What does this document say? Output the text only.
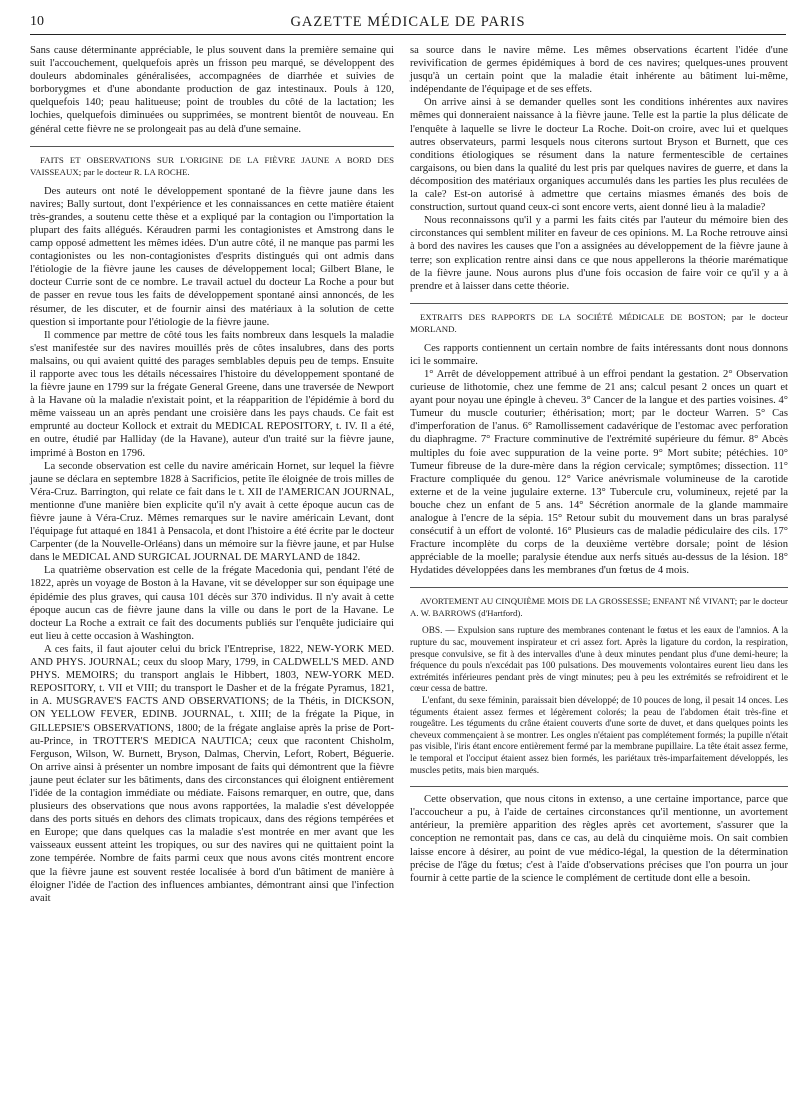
10	GAZETTE MÉDICALE DE PARIS

Sans cause déterminante appréciable, le plus souvent dans la première semaine qui suit l'accouchement, quelquefois après un frisson peu marqué, se développent des douleurs abdominales généralisées, accompagnées de diarrhée et suivies de borborygmes et d'une abondante production de gaz intestinaux. Pouls à 120, quelquefois 140; peau halitueuse; point de troubles du côté de la lactation; les lochies, quelquefois diminuées ou supprimées, se montrent bientôt de nouveau. En général cette fièvre ne se prolongeait pas au delà d'une semaine.

FAITS ET OBSERVATIONS SUR L'ORIGINE DE LA FIÈVRE JAUNE A BORD DES VAISSEAUX; par le docteur R. LA ROCHE.

Des auteurs ont noté le développement spontané de la fièvre jaune dans les navires; Bally surtout, dont l'expérience et les connaissances en cette matière étaient très-grandes, a soutenu cette thèse et a expliqué par la contagion ou l'importation la plupart des faits allégués. Kéraudren parmi les contagionistes et Amstrong dans le camp opposé admettent les mêmes idées. D'un autre côté, il ne manque pas parmi les contagionistes ou les non-contagionistes d'esprits distingués qui ont admis dans l'étiologie de la fièvre jaune les causes de développement local; Gilbert Blane, le docteur Currie sont de ce nombre. Le travail actuel du docteur La Roche a pour but de passer en revue tous les faits de développement spontané ainsi annoncés, de les résumer, de les discuter, et de fournir ainsi des matériaux à la solution de cette question si importante pour l'étiologie de la fièvre jaune.

Il commence par mettre de côté tous les faits nombreux dans lesquels la maladie s'est manifestée sur des navires mouillés près de côtes insalubres, dans des ports malsains, ou qui avaient quitté des parages semblables depuis peu de temps. Ensuite il rapporte avec tous les détails nécessaires l'histoire du développement spontané de la fièvre jaune en 1799 sur la frégate General Greene, dans une traversée de Newport à la Havane où la maladie n'existait point, et la réapparition de l'épidémie à bord du même vaisseau un an après pendant une croisière dans les pays chauds. Ce fait est emprunté au docteur Kollock et extrait du MEDICAL REPOSITORY, t. IV. Il a été, en outre, étudié par Halliday (de la Havane), auteur d'un traité sur la fièvre jaune, imprimé à Boston en 1796.

La seconde observation est celle du navire américain Hornet, sur lequel la fièvre jaune se déclara en septembre 1828 à Sacrificios, petite île éloignée de trois milles de Véra-Cruz. Barrington, qui relate ce fait dans le t. XII de l'AMERICAN JOURNAL, mentionne d'une manière bien explicite qu'il n'y avait à cette époque aucun cas de fièvre jaune à Véra-Cruz. Mêmes remarques sur le navire américain Levant, dont l'équipage fut attaqué en 1841 à Pensacola, et dont l'histoire a été écrite par le docteur Carpenter (de la Nouvelle-Orléans) dans un mémoire sur la fièvre jaune, et par Hulse dans le MEDICAL AND SURGICAL JOURNAL DE MARYLAND de 1842.

La quatrième observation est celle de la frégate Macedonia qui, pendant l'été de 1822, après un voyage de Boston à la Havane, vit se développer sur son équipage une épidémie des plus graves, qui causa 101 décès sur 370 individus. Il n'y avait à cette époque aucun cas de fièvre jaune dans la ville ou dans le port de la Havane. Le docteur La Roche a extrait ce fait des documents publiés sur l'enquête judiciaire qui eut lieu à cette occasion à Washington.

A ces faits, il faut ajouter celui du brick l'Entreprise, 1822, NEW-YORK MED. AND PHYS. JOURNAL; ceux du sloop Mary, 1799, in CALDWELL'S MED. AND PHYS. MEMOIRS; du transport anglais le Hibbert, 1803, NEW-YORK MED. REPOSITORY, t. VII et VIII; du transport le Dasher et de la frégate Pyramus, 1821, in A. MUSGRAVE'S FACTS AND OBSERVATIONS; de la Thétis, in DICKSON, ON YELLOW FEVER, EDINB. JOURNAL, t. XIII; de la frégate la Pique, in GILLEPSIE'S OBSERVATIONS, 1800; de la frégate anglaise après la prise de Port-au-Prince, in TROTTER'S MEDICA NAUTICA; ceux que racontent Chisholm, Ferguson, Wilson, W. Burnett, Bryson, Dalmas, Chervin, Lefort, Robert, Béguerie. On arrive ainsi à présenter un nombre imposant de faits qui démontrent que la fièvre jaune peut éclater sur les bâtiments, dans des circonstances qui éloignent entièrement l'idée de la contagion immédiate ou médiate. Faisons remarquer, en outre, que, dans plusieurs des observations que nous avons rapportées, la maladie s'est développée dans des ports situés en dehors des climats tropicaux, dans des régions tempérées et en Europe; que dans quelques cas la maladie s'est montrée en mer avant que les vaisseaux eussent atteint les tropiques, ou sur des navires qui ne quittaient point la zone tempérée. Nombre de faits parmi ceux que nous avons cités montrent encore que la fièvre jaune est souvent restée localisée à bord d'un bâtiment de manière à éloigner l'idée de l'action des influences ambiantes, démontrant ainsi que l'infection avait

sa source dans le navire même. Les mêmes observations écartent l'idée d'une revivification de germes épidémiques à bord de ces navires; quelques-unes prouvent jusqu'à un certain point que la maladie était inhérente au bâtiment lui-même, indépendante de l'équipage et de ses effets.

On arrive ainsi à se demander quelles sont les conditions inhérentes aux navires mêmes qui donneraient naissance à la fièvre jaune. Telle est la partie la plus délicate de l'enquête à laquelle se livre le docteur La Roche. Doit-on croire, avec lui et quelques autres observateurs, parmi lesquels nous citerons surtout Bryson et Burnett, que ces conditions étiologiques se résument dans la nature fermentescible de certaines cargaisons, ou bien dans la qualité du lest pris par quelques navires de guerre, et dans la décomposition des matériaux organiques accumulés dans les parties les plus reculées de la cale? Est-on autorisé à admettre que certains miasmes émanés des bois de construction, surtout quand ceux-ci sont encore verts, aient donné lieu à la maladie?

Nous reconnaissons qu'il y a parmi les faits cités par l'auteur du mémoire bien des circonstances qui semblent militer en faveur de ces opinions. M. La Roche retrouve ainsi à bord des navires les causes que l'on a assignées au développement de la fièvre jaune à terre; son explication rentre ainsi dans ce que nous appellerons la théorie marématique de la fièvre jaune. Nous aurons plus d'une fois occasion de faire voir ce qu'il y a à prendre et à laisser dans cette théorie.

EXTRAITS DES RAPPORTS DE LA SOCIÉTÉ MÉDICALE DE BOSTON; par le docteur MORLAND.

Ces rapports contiennent un certain nombre de faits intéressants dont nous donnons ici le sommaire.

1° Arrêt de développement attribué à un effroi pendant la gestation. 2° Observation curieuse de lithotomie, chez une femme de 21 ans; calcul pesant 2 onces un quart et ayant pour noyau une épingle à cheveu. 3° Cancer de la langue et des parties voisines. 4° Tumeur du muscle couturier; éthérisation; mort; par le docteur Warren. 5° Cas d'imperforation de l'anus. 6° Ramollissement cadavérique de l'estomac avec perforation du diaphragme. 7° Fracture comminutive de l'extrémité supérieure du fémur. 8° Abcès multiples du foie avec suppuration de la veine porte. 9° Mort subite; pétéchies. 10° Tumeur fibreuse de la dure-mère dans la région cervicale; symptômes; dissection. 11° Fracture compliquée du genou. 12° Varice anévrismale volumineuse de la carotide externe et de la veine jugulaire externe. 13° Tubercule cru, volumineux, rejeté par la bouche chez un enfant de 5 ans. 14° Sécrétion anormale de la glande mammaire analogue à l'encre de la sépia. 15° Retour subit du mouvement dans un bras paralysé consécutif à un effort de volonté. 16° Plusieurs cas de maladie pédiculaire des cils. 17° Fracture incomplète du corps de la deuxième vertèbre dorsale; point de lésion appréciable de la moelle; paralysie étendue aux nerfs situés au-dessus de la lésion. 18° Hydatides développées dans les membranes d'un fœtus de 4 mois.

AVORTEMENT AU CINQUIÈME MOIS DE LA GROSSESSE; ENFANT NÉ VIVANT; par le docteur A. W. BARROWS (d'Hartford).

OBS. — Expulsion sans rupture des membranes contenant le fœtus et les eaux de l'amnios. A la rupture du sac, mouvement inspirateur et cri assez fort. Après la ligature du cordon, la respiration, presque convulsive, se fit à des intervalles d'une à deux minutes pendant plus d'une demi-heure; la fréquence du pouls n'excédait pas 100 pulsations. Des mouvements volontaires eurent lieu dans les extrémités inférieures pendant près de vingt minutes; peu à peu les extrémités se refroidirent et le cœur cessa de battre.

L'enfant, du sexe féminin, paraissait bien développé; de 10 pouces de long, il pesait 14 onces. Les téguments étaient assez fermes et légèrement colorés; la peau de l'abdomen était très-fine et rougeâtre. Les téguments du crâne étaient couverts d'une sorte de duvet, et dans quelques points les cheveux commençaient à se montrer. Les ongles n'étaient pas complétement formés; la pupille n'était pas visible, l'iris étant encore entièrement fermé par la membrane pupillaire. La tête était assez ferme, le temporal et l'occiput étaient assez bien formés, les pariétaux très-imparfaitement développés, les muscles petits, mais bien marqués.

Cette observation, que nous citons in extenso, a une certaine importance, parce que l'accoucheur a pu, à l'aide de certaines circonstances qu'il mentionne, un avortement antérieur, la première apparition des règles après cet avortement, s'assurer que la conception ne remontait pas, dans ce cas, au delà du cinquième mois. On sait combien laisse encore à désirer, au point de vue médico-légal, la question de la détermination précise de l'âge du fœtus; c'est à l'aide d'observations précises que l'on pourra un jour fournir à cette partie de la science le complément de certitude dont elle a besoin.
